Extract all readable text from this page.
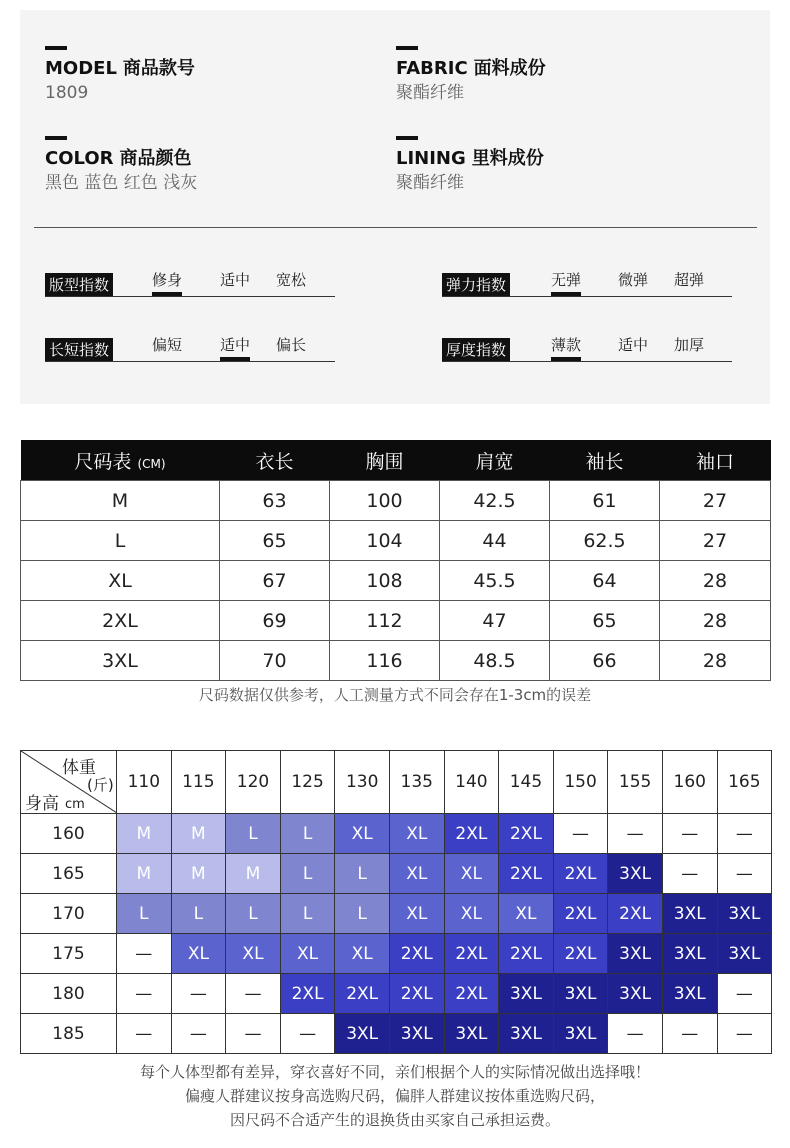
MODEL 商品款号
1809
FABRIC 面料成份
聚酯纤维
COLOR 商品颜色
黑色 蓝色 红色 浅灰
LINING 里料成份
聚酯纤维
版型指数	修身	适中 宽松	弹力指数	无弹 微弹 超弹
长短指数	偏短	适中 偏长	厚度指数	薄款 适中 加厚
尺码表 (CM)	衣长	胸围	肩宽	袖长	袖口
M	63	100	42.5	61	27
L	65	104	44	62.5	27
XL	67	108	45.5	64	28
2XL	69	112	47	65	28
3XL	70	116	48.5	66	28
尺码数据仅供参考，人工测量方式不同会存在1-3cm的误差
体重
(斤)
身高 cm	110	115	120	125	130	135	140	145	150	155	160	165
160	M	M	L	L	XL	XL	2XL	2XL	—	—	—	—
165	M	M	M	L	L	XL	XL	2XL	2XL	3XL	—	—
170	L	L	L	L	L	XL	XL	XL	2XL	2XL	3XL	3XL
175	—	XL	XL	XL	XL	2XL	2XL	2XL	2XL	3XL	3XL	3XL
180	—	—	—	2XL	2XL	2XL	2XL	3XL	3XL	3XL	3XL	—
185	—	—	—	—	3XL	3XL	3XL	3XL	3XL	—	—	—
每个人体型都有差异，穿衣喜好不同，亲们根据个人的实际情况做出选择哦！
偏瘦人群建议按身高选购尺码，偏胖人群建议按体重选购尺码，
因尺码不合适产生的退换货由买家自己承担运费。
